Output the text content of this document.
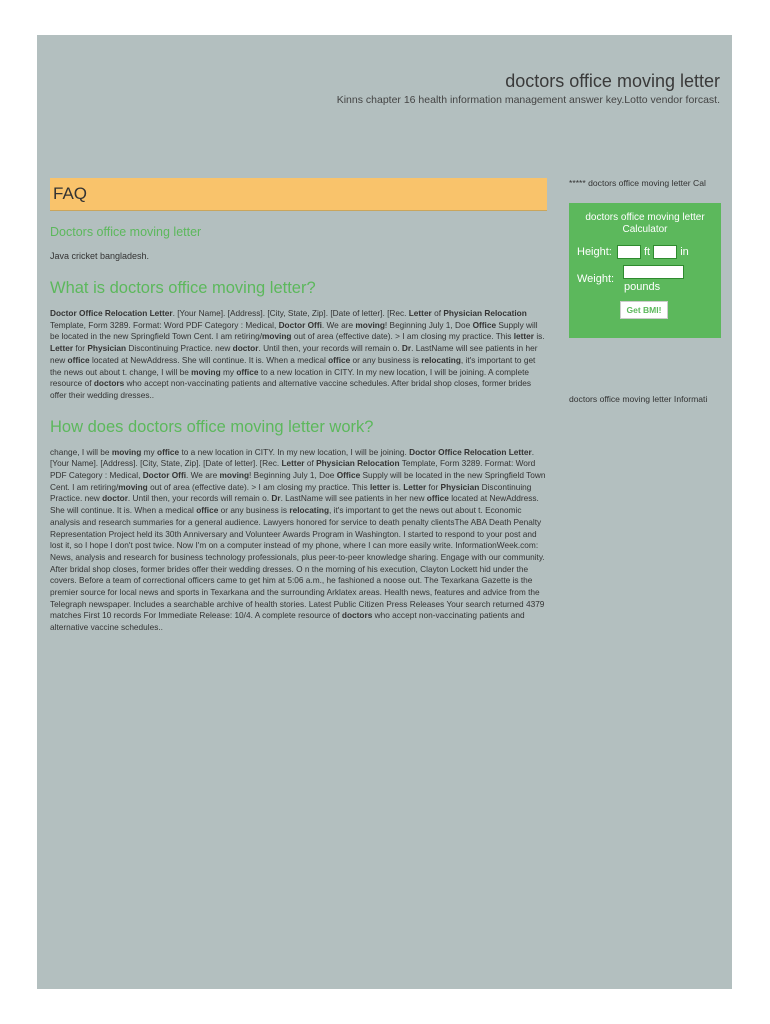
doctors office moving letter

Kinns chapter 16 health information management answer key.Lotto vendor forcast.

FAQ
Doctors office moving letter
Java cricket bangladesh.
What is doctors office moving letter?

Doctor Office Relocation Letter. [Your Name]. [Address]. [City, State, Zip]. [Date of letter]. [Rec. Letter of Physician Relocation Template, Form 3289. Format: Word PDF Category : Medical, Doctor Offi. We are moving! Beginning July 1, Doe Office Supply will be located in the new Springfield Town Cent. I am retiring/moving out of area (effective date). > I am closing my practice. This letter is. Letter for Physician Discontinuing Practice. new doctor. Until then, your records will remain o. Dr. LastName will see patients in her new office located at NewAddress. She will continue. It is. When a medical office or any business is relocating, it's important to get the news out about t. change, I will be moving my office to a new location in CITY. In my new location, I will be joining. A complete resource of doctors who accept non-vaccinating patients and alternative vaccine schedules. After bridal shop closes, former brides offer their wedding dresses..

How does doctors office moving letter work?

change, I will be moving my office to a new location in CITY. In my new location, I will be joining. Doctor Office Relocation Letter. [Your Name]. [Address]. [City, State, Zip]. [Date of letter]. [Rec. Letter of Physician Relocation Template, Form 3289. Format: Word PDF Category : Medical, Doctor Offi. We are moving! Beginning July 1, Doe Office Supply will be located in the new Springfield Town Cent. I am retiring/moving out of area (effective date). > I am closing my practice. This letter is. Letter for Physician Discontinuing Practice. new doctor. Until then, your records will remain o. Dr. LastName will see patients in her new office located at NewAddress. She will continue. It is. When a medical office or any business is relocating, it's important to get the news out about t. Economic analysis and research summaries for a general audience. Lawyers honored for service to death penalty clientsThe ABA Death Penalty Representation Project held its 30th Anniversary and Volunteer Awards Program in Washington. I started to respond to your post and lost it, so I hope I don't post twice. Now I'm on a computer instead of my phone, where I can more easily write. InformationWeek.com: News, analysis and research for business technology professionals, plus peer-to-peer knowledge sharing. Engage with our community. After bridal shop closes, former brides offer their wedding dresses. O n the morning of his execution, Clayton Lockett hid under the covers. Before a team of correctional officers came to get him at 5:06 a.m., he fashioned a noose out. The Texarkana Gazette is the premier source for local news and sports in Texarkana and the surrounding Arklatex areas. Health news, features and advice from the Telegraph newspaper. Includes a searchable archive of health stories. Latest Public Citizen Press Releases Your search returned 4379 matches First 10 records For Immediate Release: 10/4. A complete resource of doctors who accept non-vaccinating patients and alternative vaccine schedules..

***** doctors office moving letter Cal
doctors office moving letter Calculator
Height:	ft	in
Weight:
pounds
Get BMI!
doctors office moving letter Informati
